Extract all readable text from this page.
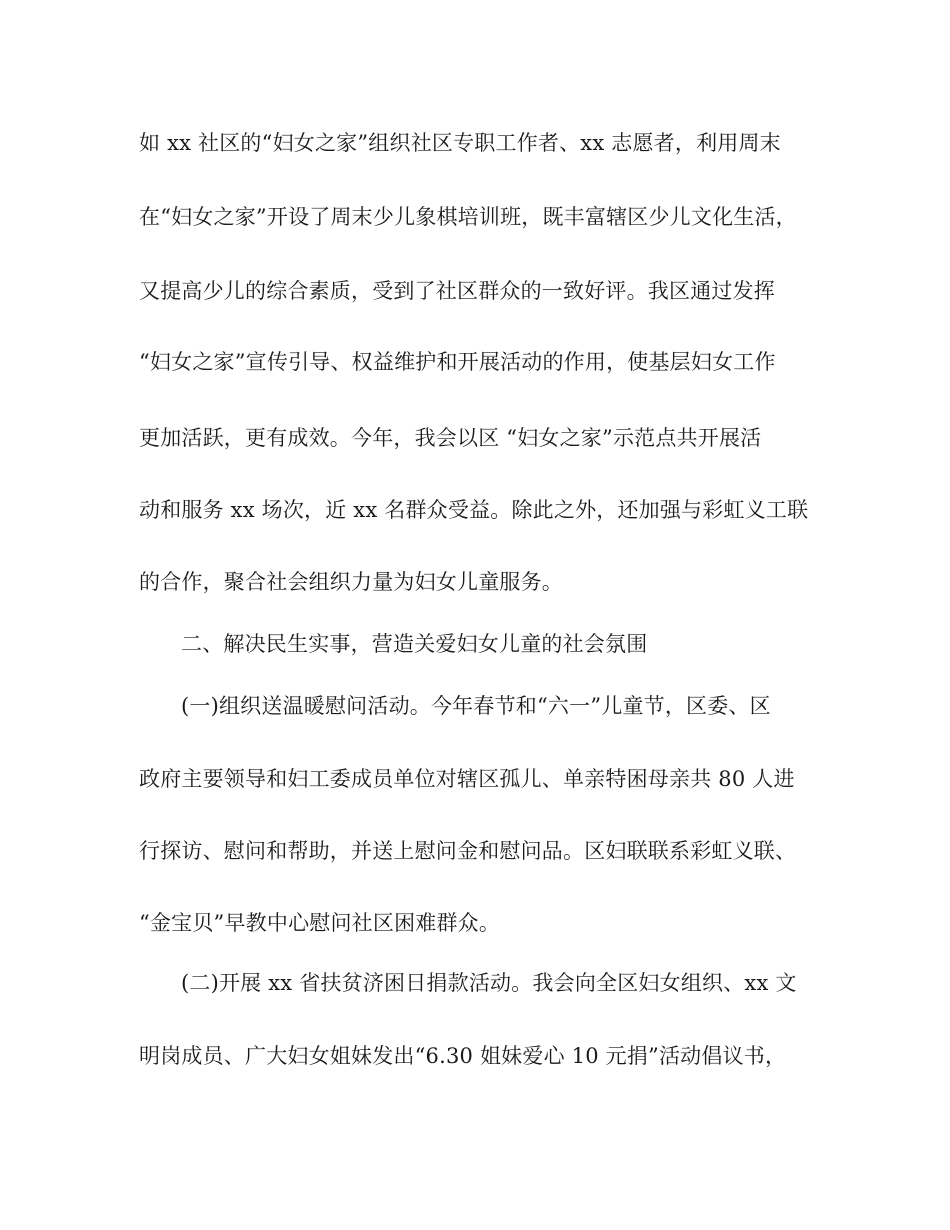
如 xx 社区的“妇女之家”组织社区专职工作者、xx 志愿者，利用周末
在“妇女之家”开设了周末少儿象棋培训班，既丰富辖区少儿文化生活，
又提高少儿的综合素质，受到了社区群众的一致好评。我区通过发挥
“妇女之家”宣传引导、权益维护和开展活动的作用，使基层妇女工作
更加活跃，更有成效。今年，我会以区 “妇女之家”示范点共开展活
动和服务 xx 场次，近 xx 名群众受益。除此之外，还加强与彩虹义工联
的合作，聚合社会组织力量为妇女儿童服务。
二、解决民生实事，营造关爱妇女儿童的社会氛围
(一)组织送温暖慰问活动。今年春节和“六一”儿童节，区委、区
政府主要领导和妇工委成员单位对辖区孤儿、单亲特困母亲共 80 人进
行探访、慰问和帮助，并送上慰问金和慰问品。区妇联联系彩虹义联、
“金宝贝”早教中心慰问社区困难群众。
(二)开展 xx 省扶贫济困日捐款活动。我会向全区妇女组织、xx 文
明岗成员、广大妇女姐妹发出“6.30 姐妹爱心 10 元捐”活动倡议书，
